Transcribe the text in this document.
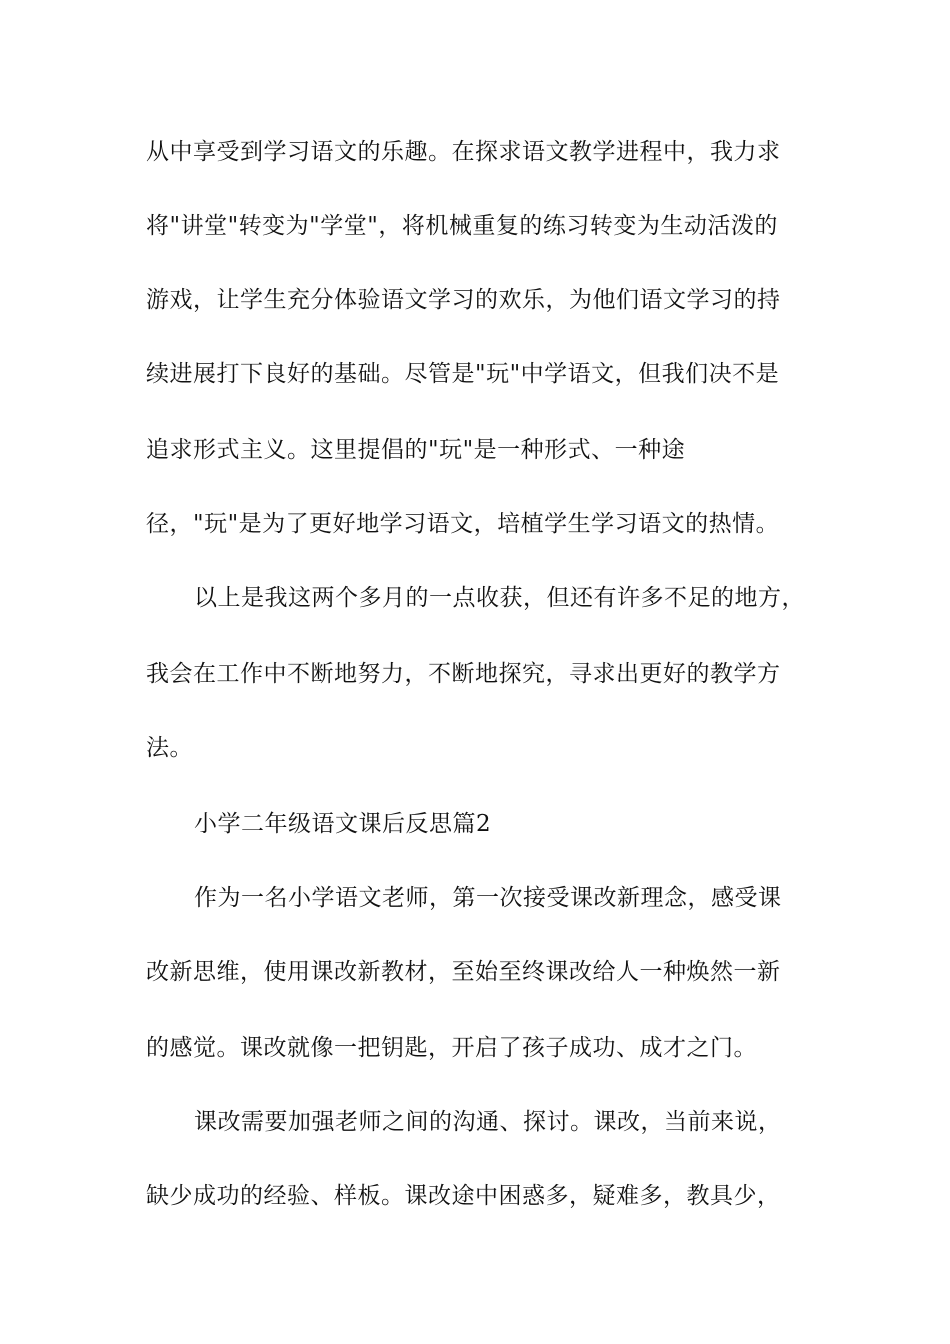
从中享受到学习语文的乐趣。在探求语文教学进程中，我力求
将"讲堂"转变为"学堂"，将机械重复的练习转变为生动活泼的
游戏，让学生充分体验语文学习的欢乐，为他们语文学习的持
续进展打下良好的基础。尽管是"玩"中学语文，但我们决不是
追求形式主义。这里提倡的"玩"是一种形式、一种途
径，"玩"是为了更好地学习语文，培植学生学习语文的热情。
以上是我这两个多月的一点收获，但还有许多不足的地方，
我会在工作中不断地努力，不断地探究，寻求出更好的教学方
法。
小学二年级语文课后反思篇2
作为一名小学语文老师，第一次接受课改新理念，感受课
改新思维，使用课改新教材，至始至终课改给人一种焕然一新
的感觉。课改就像一把钥匙，开启了孩子成功、成才之门。
课改需要加强老师之间的沟通、探讨。课改，当前来说，
缺少成功的经验、样板。课改途中困惑多，疑难多，教具少，
